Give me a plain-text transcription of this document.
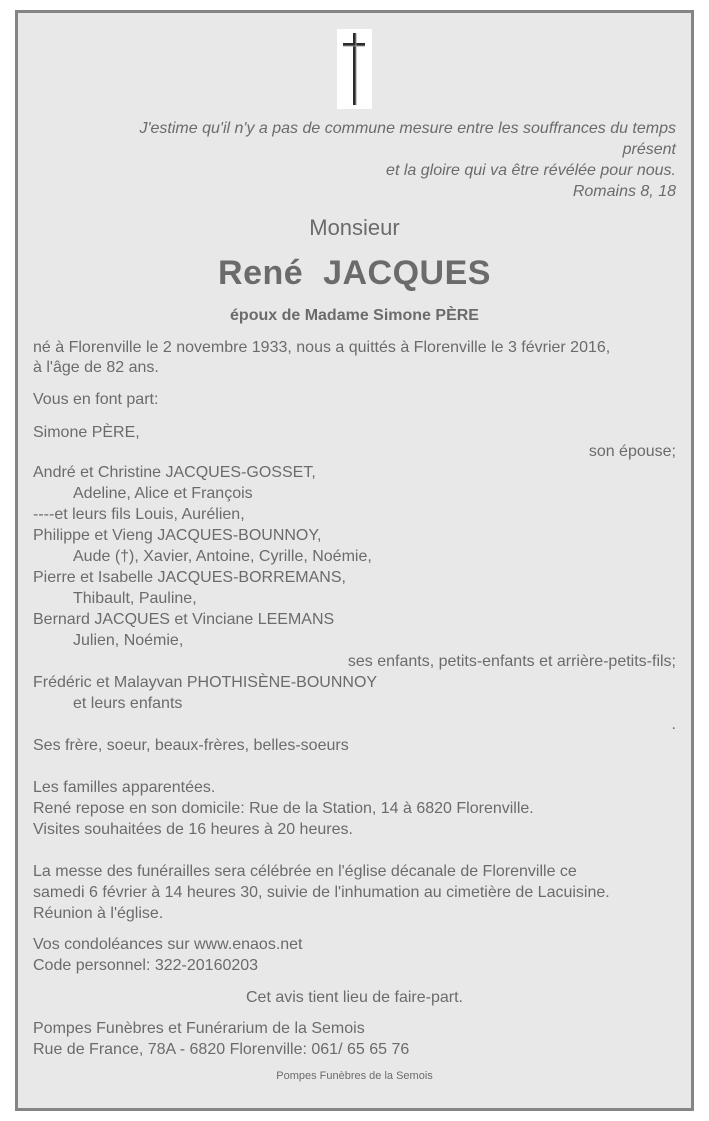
J'estime qu'il n'y a pas de commune mesure entre les souffrances du temps
présent
et la gloire qui va être révélée pour nous.
Romains 8, 18
Monsieur
René  JACQUES
époux de Madame Simone PÈRE
né à Florenville le 2 novembre 1933, nous a quittés à Florenville le 3 février 2016,
à l'âge de 82 ans.
Vous en font part:
Simone PÈRE,
son épouse;
André et Christine JACQUES-GOSSET,
Adeline, Alice et François
----et leurs fils Louis, Aurélien,
Philippe et Vieng JACQUES-BOUNNOY,
Aude (†), Xavier, Antoine, Cyrille, Noémie,
Pierre et Isabelle JACQUES-BORREMANS,
Thibault, Pauline,
Bernard JACQUES et Vinciane LEEMANS
Julien, Noémie,
ses enfants, petits-enfants et arrière-petits-fils;
Frédéric et Malayvan PHOTHISÈNE-BOUNNOY
et leurs enfants
.
Ses frère, soeur, beaux-frères, belles-soeurs
Les familles apparentées.
René repose en son domicile: Rue de la Station, 14 à 6820 Florenville.
Visites souhaitées de 16 heures à 20 heures.
La messe des funérailles sera célébrée en l'église décanale de Florenville ce
samedi 6 février à 14 heures 30, suivie de l'inhumation au cimetière de Lacuisine.
Réunion à l'église.
Vos condoléances sur www.enaos.net
Code personnel: 322-20160203
Cet avis tient lieu de faire-part.
Pompes Funèbres et Funérarium de la Semois
Rue de France, 78A - 6820 Florenville: 061/ 65 65 76
Pompes Funèbres de la Semois
